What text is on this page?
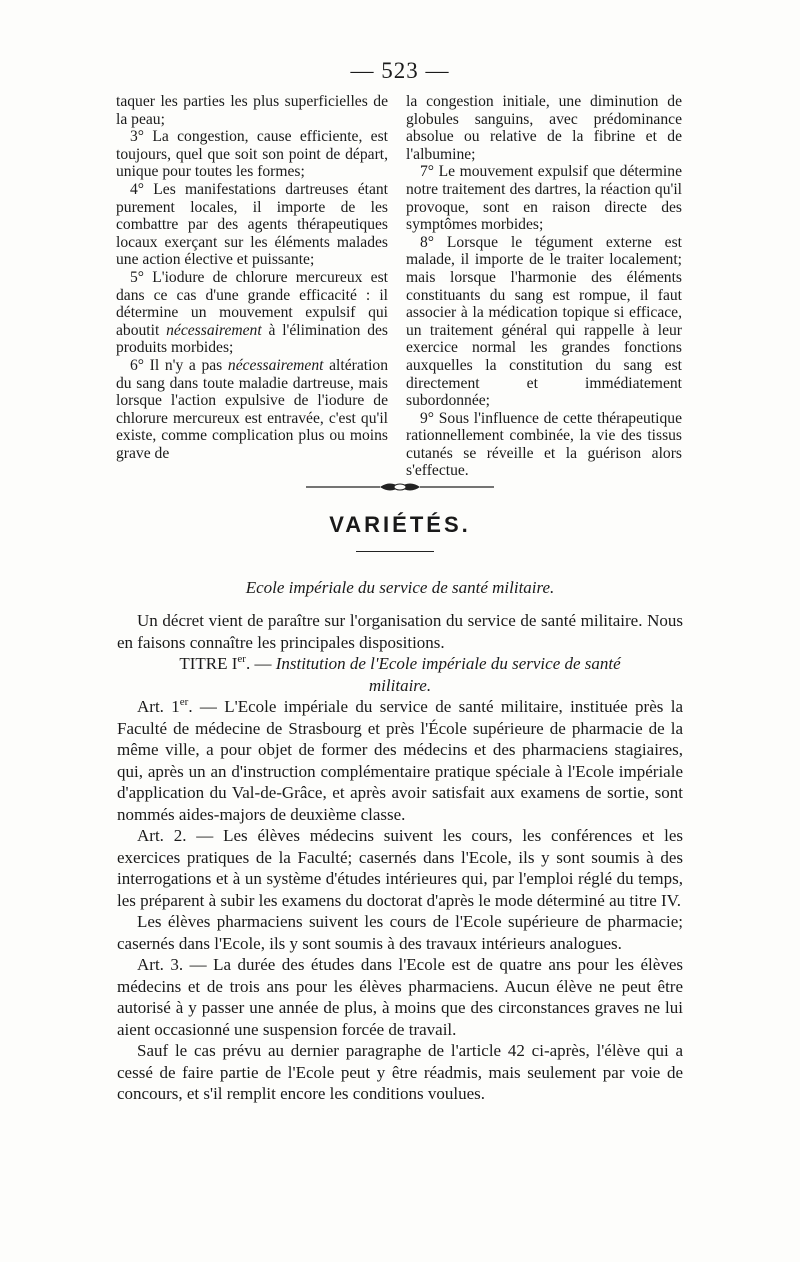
— 523 —

taquer les parties les plus superficielles de la peau;

3° La congestion, cause efficiente, est toujours, quel que soit son point de départ, unique pour toutes les formes;

4° Les manifestations dartreuses étant purement locales, il importe de les combattre par des agents thérapeutiques locaux exerçant sur les éléments malades une action élective et puissante;

5° L'iodure de chlorure mercureux est dans ce cas d'une grande efficacité : il détermine un mouvement expulsif qui aboutit nécessairement à l'élimination des produits morbides;

6° Il n'y a pas nécessairement altération du sang dans toute maladie dartreuse, mais lorsque l'action expulsive de l'iodure de chlorure mercureux est entravée, c'est qu'il existe, comme complication plus ou moins grave de

la congestion initiale, une diminution de globules sanguins, avec prédominance absolue ou relative de la fibrine et de l'albumine;

7° Le mouvement expulsif que détermine notre traitement des dartres, la réaction qu'il provoque, sont en raison directe des symptômes morbides;

8° Lorsque le tégument externe est malade, il importe de le traiter localement; mais lorsque l'harmonie des éléments constituants du sang est rompue, il faut associer à la médication topique si efficace, un traitement général qui rappelle à leur exercice normal les grandes fonctions auxquelles la constitution du sang est directement et immédiatement subordonnée;

9° Sous l'influence de cette thérapeutique rationnellement combinée, la vie des tissus cutanés se réveille et la guérison alors s'effectue.

VARIÉTÉS.
Ecole impériale du service de santé militaire.

Un décret vient de paraître sur l'organisation du service de santé militaire. Nous en faisons connaître les principales dispositions.

TITRE Ier. — Institution de l'Ecole impériale du service de santé
militaire.

Art. 1er. — L'Ecole impériale du service de santé militaire, instituée près la Faculté de médecine de Strasbourg et près l'École supérieure de pharmacie de la même ville, a pour objet de former des médecins et des pharmaciens stagiaires, qui, après un an d'instruction complémentaire pratique spéciale à l'Ecole impériale d'application du Val-de-Grâce, et après avoir satisfait aux examens de sortie, sont nommés aides-majors de deuxième classe.

Art. 2. — Les élèves médecins suivent les cours, les conférences et les exercices pratiques de la Faculté; casernés dans l'Ecole, ils y sont soumis à des interrogations et à un système d'études intérieures qui, par l'emploi réglé du temps, les préparent à subir les examens du doctorat d'après le mode déterminé au titre IV.

Les élèves pharmaciens suivent les cours de l'Ecole supérieure de pharmacie; casernés dans l'Ecole, ils y sont soumis à des travaux intérieurs analogues.

Art. 3. — La durée des études dans l'Ecole est de quatre ans pour les élèves médecins et de trois ans pour les élèves pharmaciens. Aucun élève ne peut être autorisé à y passer une année de plus, à moins que des circonstances graves ne lui aient occasionné une suspension forcée de travail.

Sauf le cas prévu au dernier paragraphe de l'article 42 ci-après, l'élève qui a cessé de faire partie de l'Ecole peut y être réadmis, mais seulement par voie de concours, et s'il remplit encore les conditions voulues.
